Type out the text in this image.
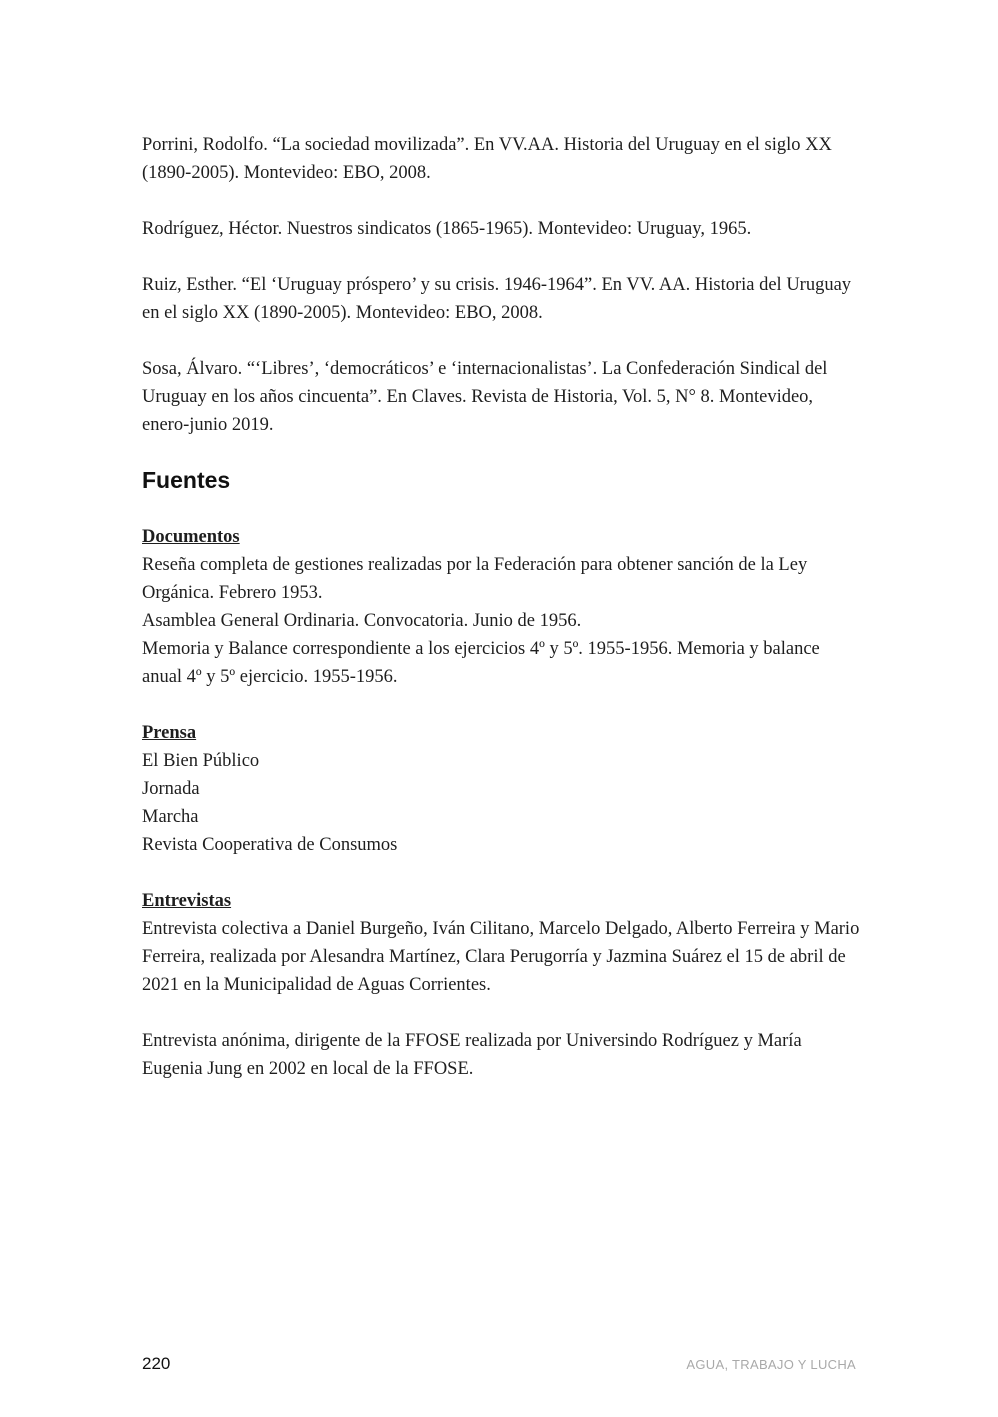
Porrini, Rodolfo. “La sociedad movilizada”. En VV.AA. Historia del Uruguay en el siglo XX (1890-2005). Montevideo: EBO, 2008.

Rodríguez, Héctor. Nuestros sindicatos (1865-1965). Montevideo: Uruguay, 1965.

Ruiz, Esther. “El ‘Uruguay próspero’ y su crisis. 1946-1964”. En VV. AA. Historia del Uruguay en el siglo XX (1890-2005). Montevideo: EBO, 2008.

Sosa, Álvaro. “‘Libres’, ‘democráticos’ e ‘internacionalistas’. La Confederación Sindical del Uruguay en los años cincuenta”. En Claves. Revista de Historia, Vol. 5, N° 8. Montevideo, enero-junio 2019.

Fuentes

Documentos

Reseña completa de gestiones realizadas por la Federación para obtener sanción de la Ley Orgánica. Febrero 1953.

Asamblea General Ordinaria. Convocatoria. Junio de 1956.

Memoria y Balance correspondiente a los ejercicios 4º y 5º. 1955-1956. Memoria y balance anual 4º y 5º ejercicio. 1955-1956.

Prensa

El Bien Público

Jornada

Marcha

Revista Cooperativa de Consumos

Entrevistas

Entrevista colectiva a Daniel Burgeño, Iván Cilitano, Marcelo Delgado, Alberto Ferreira y Mario Ferreira, realizada por Alesandra Martínez, Clara Perugorría y Jazmina Suárez el 15 de abril de 2021 en la Municipalidad de Aguas Corrientes.

Entrevista anónima, dirigente de la FFOSE realizada por Universindo Rodríguez y María Eugenia Jung en 2002 en local de la FFOSE.

220	AGUA, TRABAJO Y LUCHA
